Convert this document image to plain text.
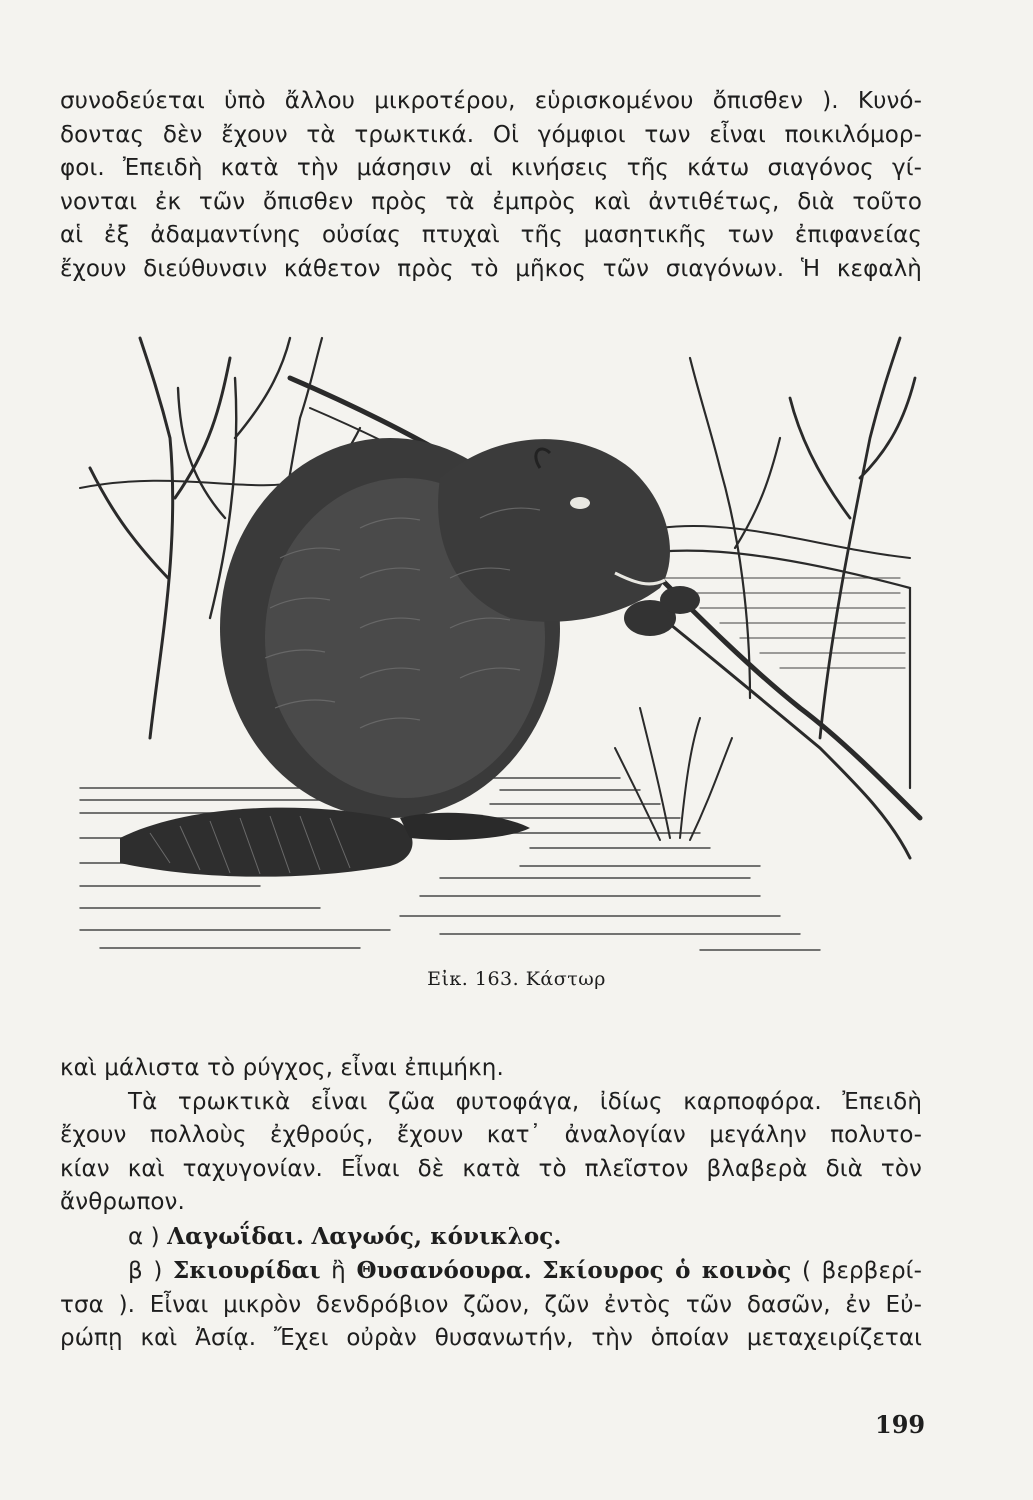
συνοδεύεται ὑπὸ ἄλλου μικροτέρου, εὑρισκομένου ὄπισθεν ). Κυνό-
δοντας δὲν ἔχουν τὰ τρωκτικά. Οἱ γόμφιοι των εἶναι ποικιλόμορ-
φοι. Ἐπειδὴ κατὰ τὴν μάσησιν αἱ κινήσεις τῆς κάτω σιαγόνος γί-
νονται ἐκ τῶν ὄπισθεν πρὸς τὰ ἐμπρὸς καὶ ἀντιθέτως, διὰ τοῦτο
αἱ ἐξ ἀδαμαντίνης οὐσίας πτυχαὶ τῆς μασητικῆς των ἐπιφανείας
ἔχουν διεύθυνσιν κάθετον πρὸς τὸ μῆκος τῶν σιαγόνων. Ἡ κεφαλὴ

Εἰκ. 163. Κάστωρ
καὶ μάλιστα τὸ ρύγχος, εἶναι ἐπιμήκη.
Τὰ τρωκτικὰ εἶναι ζῶα φυτοφάγα, ἰδίως καρποφόρα. Ἐπειδὴ
ἔχουν πολλοὺς ἐχθρούς, ἔχουν κατ᾽ ἀναλογίαν μεγάλην πολυτο-
κίαν καὶ ταχυγονίαν. Εἶναι δὲ κατὰ τὸ πλεῖστον βλαβερὰ διὰ τὸν
ἄνθρωπον.
α ) Λαγωΐδαι. Λαγωός, κόνικλος.
β ) Σκιουρίδαι ἢ Θυσανόουρα. Σκίουρος ὁ κοινὸς ( βερβερί-
τσα ). Εἶναι μικρὸν δενδρόβιον ζῶον, ζῶν ἐντὸς τῶν δασῶν, ἐν Εὐ-
ρώπῃ καὶ Ἀσίᾳ. Ἔχει οὐρὰν θυσανωτήν, τὴν ὁποίαν μεταχειρίζεται
199
